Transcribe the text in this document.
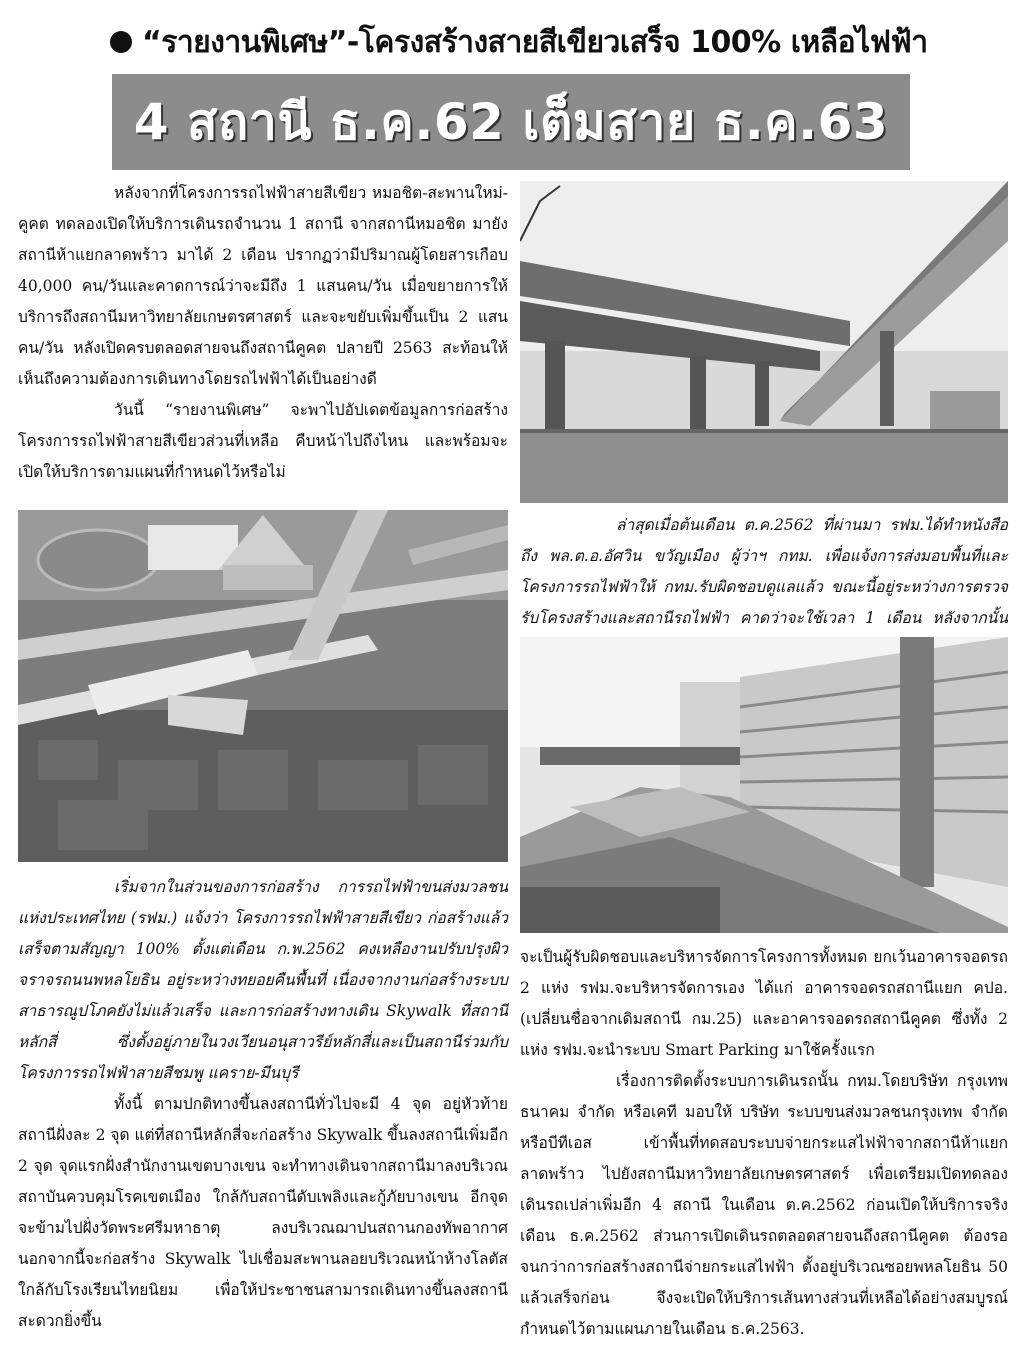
“รายงานพิเศษ”-โครงสร้างสายสีเขียวเสร็จ 100% เหลือไฟฟ้า
4 สถานี ธ.ค.62 เต็มสาย ธ.ค.63

หลังจากที่โครงการรถไฟฟ้าสายสีเขียว หมอชิต-สะพานใหม่-คูคต ทดลองเปิดให้บริการเดินรถจำนวน 1 สถานี จากสถานีหมอชิต มายังสถานีห้าแยกลาดพร้าว มาได้ 2 เดือน ปรากฏว่ามีปริมาณผู้โดยสารเกือบ 40,000 คน/วันและคาดการณ์ว่าจะมีถึง 1 แสนคน/วัน เมื่อขยายการให้บริการถึงสถานีมหาวิทยาลัยเกษตรศาสตร์ และจะขยับเพิ่มขึ้นเป็น 2 แสนคน/วัน หลังเปิดครบตลอดสายจนถึงสถานีคูคต ปลายปี 2563 สะท้อนให้เห็นถึงความต้องการเดินทางโดยรถไฟฟ้าได้เป็นอย่างดี

วันนี้ “รายงานพิเศษ” จะพาไปอัปเดตข้อมูลการก่อสร้างโครงการรถไฟฟ้าสายสีเขียวส่วนที่เหลือ คืบหน้าไปถึงไหน และพร้อมจะเปิดให้บริการตามแผนที่กำหนดไว้หรือไม่

เริ่มจากในส่วนของการก่อสร้าง การรถไฟฟ้าขนส่งมวลชนแห่งประเทศไทย (รฟม.) แจ้งว่า โครงการรถไฟฟ้าสายสีเขียว ก่อสร้างแล้วเสร็จตามสัญญา 100% ตั้งแต่เดือน ก.พ.2562 คงเหลืองานปรับปรุงผิวจราจรถนนพหลโยธิน อยู่ระหว่างทยอยคืนพื้นที่ เนื่องจากงานก่อสร้างระบบสาธารณูปโภคยังไม่แล้วเสร็จ และการก่อสร้างทางเดิน Skywalk ที่สถานีหลักสี่ ซึ่งตั้งอยู่ภายในวงเวียนอนุสาวรีย์หลักสี่และเป็นสถานีร่วมกับโครงการรถไฟฟ้าสายสีชมพู แคราย-มีนบุรี

ทั้งนี้ ตามปกติทางขึ้นลงสถานีทั่วไปจะมี 4 จุด อยู่หัวท้ายสถานีฝั่งละ 2 จุด แต่ที่สถานีหลักสี่จะก่อสร้าง Skywalk ขึ้นลงสถานีเพิ่มอีก 2 จุด จุดแรกฝั่งสำนักงานเขตบางเขน จะทำทางเดินจากสถานีมาลงบริเวณสถาบันควบคุมโรคเขตเมือง ใกล้กับสถานีดับเพลิงและกู้ภัยบางเขน อีกจุดจะข้ามไปฝั่งวัดพระศรีมหาธาตุ ลงบริเวณฌาปนสถานกองทัพอากาศ นอกจากนี้จะก่อสร้าง Skywalk ไปเชื่อมสะพานลอยบริเวณหน้าห้างโลตัส ใกล้กับโรงเรียนไทยนิยม เพื่อให้ประชาชนสามารถเดินทางขึ้นลงสถานีสะดวกยิ่งขึ้น

ล่าสุดเมื่อต้นเดือน ต.ค.2562 ที่ผ่านมา รฟม.ได้ทำหนังสือถึง พล.ต.อ.อัศวิน ขวัญเมือง ผู้ว่าฯ กทม. เพื่อแจ้งการส่งมอบพื้นที่และโครงการรถไฟฟ้าให้ กทม.รับผิดชอบดูแลแล้ว ขณะนี้อยู่ระหว่างการตรวจรับโครงสร้างและสถานีรถไฟฟ้า คาดว่าจะใช้เวลา 1 เดือน หลังจากนั้น

จะเป็นผู้รับผิดชอบและบริหารจัดการโครงการทั้งหมด ยกเว้นอาคารจอดรถ 2 แห่ง รฟม.จะบริหารจัดการเอง ได้แก่ อาคารจอดรถสถานีแยก คปอ. (เปลี่ยนชื่อจากเดิมสถานี กม.25) และอาคารจอดรถสถานีคูคต ซึ่งทั้ง 2 แห่ง รฟม.จะนำระบบ Smart Parking มาใช้ครั้งแรก

เรื่องการติดตั้งระบบการเดินรถนั้น กทม.โดยบริษัท กรุงเทพธนาคม จำกัด หรือเคที มอบให้ บริษัท ระบบขนส่งมวลชนกรุงเทพ จำกัด หรือบีทีเอส เข้าพื้นที่ทดสอบระบบจ่ายกระแสไฟฟ้าจากสถานีห้าแยกลาดพร้าว ไปยังสถานีมหาวิทยาลัยเกษตรศาสตร์ เพื่อเตรียมเปิดทดลองเดินรถเปล่าเพิ่มอีก 4 สถานี ในเดือน ต.ค.2562 ก่อนเปิดให้บริการจริงเดือน ธ.ค.2562 ส่วนการเปิดเดินรถตลอดสายจนถึงสถานีคูคต ต้องรอจนกว่าการก่อสร้างสถานีจ่ายกระแสไฟฟ้า ตั้งอยู่บริเวณซอยพหลโยธิน 50 แล้วเสร็จก่อน จึงจะเปิดให้บริการเส้นทางส่วนที่เหลือได้อย่างสมบูรณ์ กำหนดไว้ตามแผนภายในเดือน ธ.ค.2563.
